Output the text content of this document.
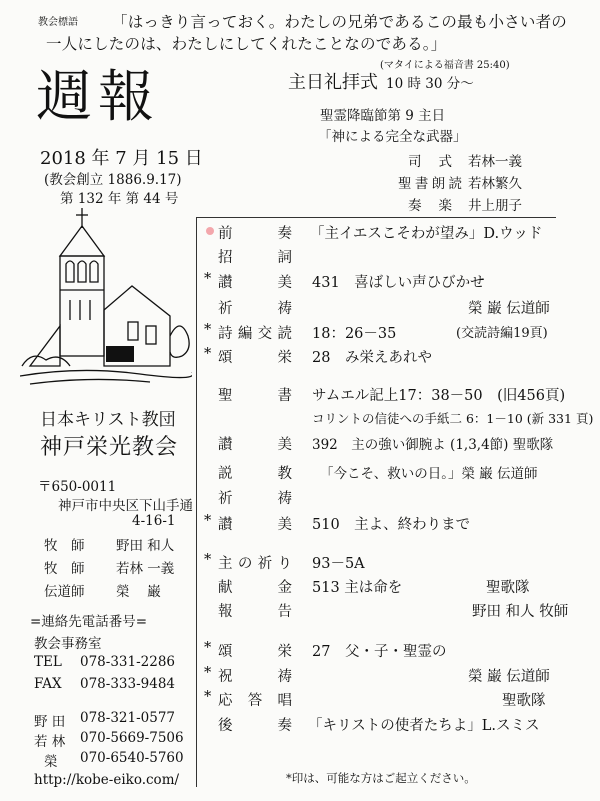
教会標語 「はっきり言っておく。わたしの兄弟であるこの最も小さい者の
一人にしたのは、わたしにしてくれたことなのである。」
(マタイによる福音書 25:40)
週報
2018 年 7 月 15 日
(教会創立 1886.9.17)
第 132 年 第 44 号
主日礼拝式 10 時 30 分～
聖霊降臨節第 9 主日
「神による完全な武器」
司式 若林一義
聖書朗読 若林繁久
奏楽 井上朋子
日本キリスト教団
神戸栄光教会
〒650-0011
神戸市中央区下山手通
4-16-1
牧　師 野田 和人
牧　師 若林 一義
伝道師 榮　 巌
=連絡先電話番号=
教会事務室
TEL 078-331-2286
FAX 078-333-9484
野 田 078-321-0577
若 林 070-5669-7506
榮 070-6540-5760
http://kobe-eiko.com/
前奏 「主イエスこそわが望み」D.ウッド
招詞
* 讃美 431　喜ばしい声ひびかせ
祈祷	榮 巌 伝道師
* 詩編交読 18：26－35	(交読詩編19頁)
* 頌栄 28　み栄えあれや
聖書 サムエル記上17：38－50　(旧456頁)
コリントの信徒への手紙二 6：1－10 (新 331 頁)
讃美 392　主の強い御腕よ (1,3,4節) 聖歌隊
説教 「今こそ、救いの日。」榮 巌 伝道師
祈祷
* 讃美 510　主よ、終わりまで
* 主の祈り 93－5A
献金 513 主は命を	聖歌隊
報告	野田 和人 牧師
* 頌栄 27　父・子・聖霊の
* 祝祷	榮 巌 伝道師
* 応答唱	聖歌隊
後奏 「キリストの使者たちよ」L.スミス
*印は、可能な方はご起立ください。
